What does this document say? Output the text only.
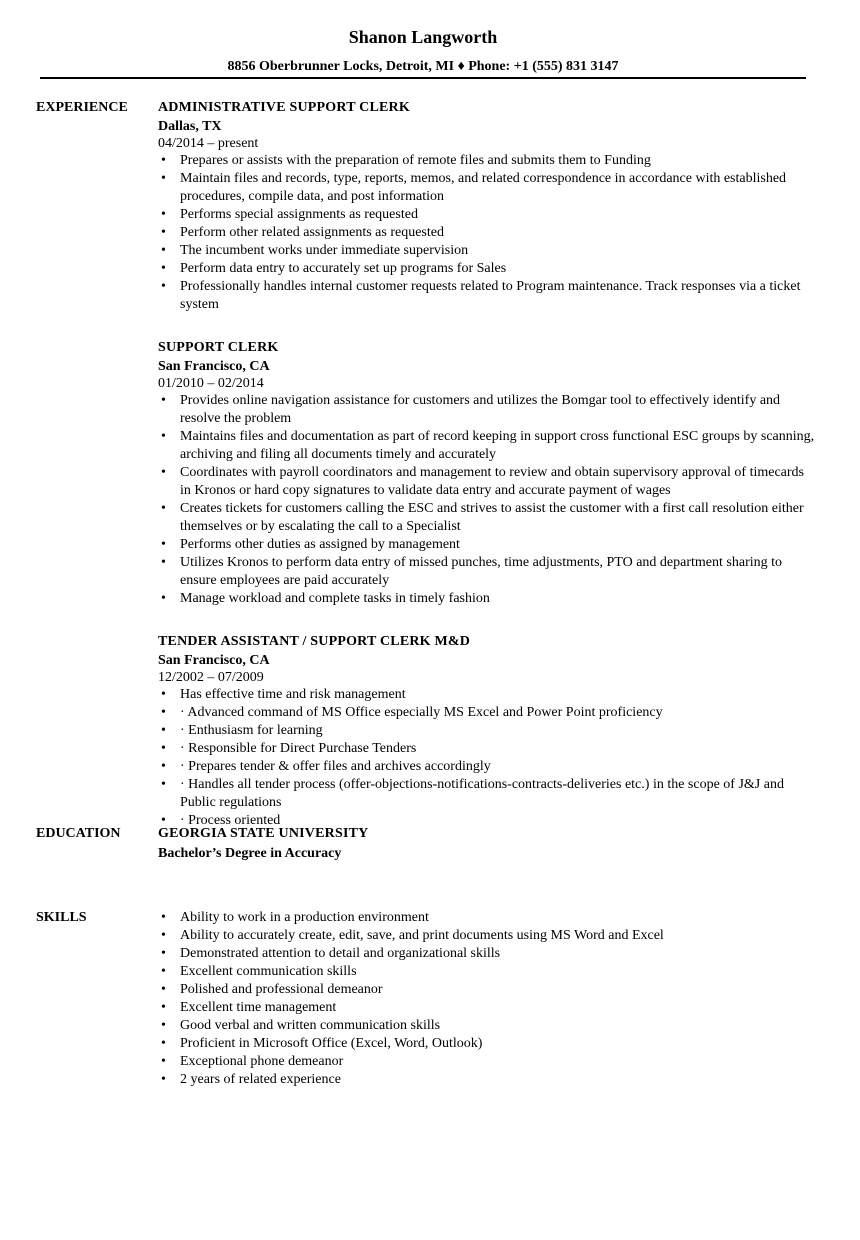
Shanon Langworth
8856 Oberbrunner Locks, Detroit, MI ♦ Phone: +1 (555) 831 3147
EXPERIENCE ADMINISTRATIVE SUPPORT CLERK
Dallas, TX
04/2014 – present
• Prepares or assists with the preparation of remote files and submits them to Funding
• Maintain files and records, type, reports, memos, and related correspondence in accordance with established procedures, compile data, and post information
• Performs special assignments as requested
• Perform other related assignments as requested
• The incumbent works under immediate supervision
• Perform data entry to accurately set up programs for Sales
• Professionally handles internal customer requests related to Program maintenance. Track responses via a ticket system
SUPPORT CLERK
San Francisco, CA
01/2010 – 02/2014
• Provides online navigation assistance for customers and utilizes the Bomgar tool to effectively identify and resolve the problem
• Maintains files and documentation as part of record keeping in support cross functional ESC groups by scanning, archiving and filing all documents timely and accurately
• Coordinates with payroll coordinators and management to review and obtain supervisory approval of timecards in Kronos or hard copy signatures to validate data entry and accurate payment of wages
• Creates tickets for customers calling the ESC and strives to assist the customer with a first call resolution either themselves or by escalating the call to a Specialist
• Performs other duties as assigned by management
• Utilizes Kronos to perform data entry of missed punches, time adjustments, PTO and department sharing to ensure employees are paid accurately
• Manage workload and complete tasks in timely fashion
TENDER ASSISTANT / SUPPORT CLERK M&D
San Francisco, CA
12/2002 – 07/2009
• Has effective time and risk management
• · Advanced command of MS Office especially MS Excel and Power Point proficiency
• · Enthusiasm for learning
• · Responsible for Direct Purchase Tenders
• · Prepares tender & offer files and archives accordingly
• · Handles all tender process (offer-objections-notifications-contracts-deliveries etc.) in the scope of J&J and Public regulations
• · Process oriented
EDUCATION	GEORGIA STATE UNIVERSITY
Bachelor’s Degree in Accuracy
SKILLS
•	Ability to work in a production environment
• Ability to accurately create, edit, save, and print documents using MS Word and Excel
• Demonstrated attention to detail and organizational skills
• Excellent communication skills
• Polished and professional demeanor
• Excellent time management
• Good verbal and written communication skills
• Proficient in Microsoft Office (Excel, Word, Outlook)
• Exceptional phone demeanor
• 2 years of related experience
